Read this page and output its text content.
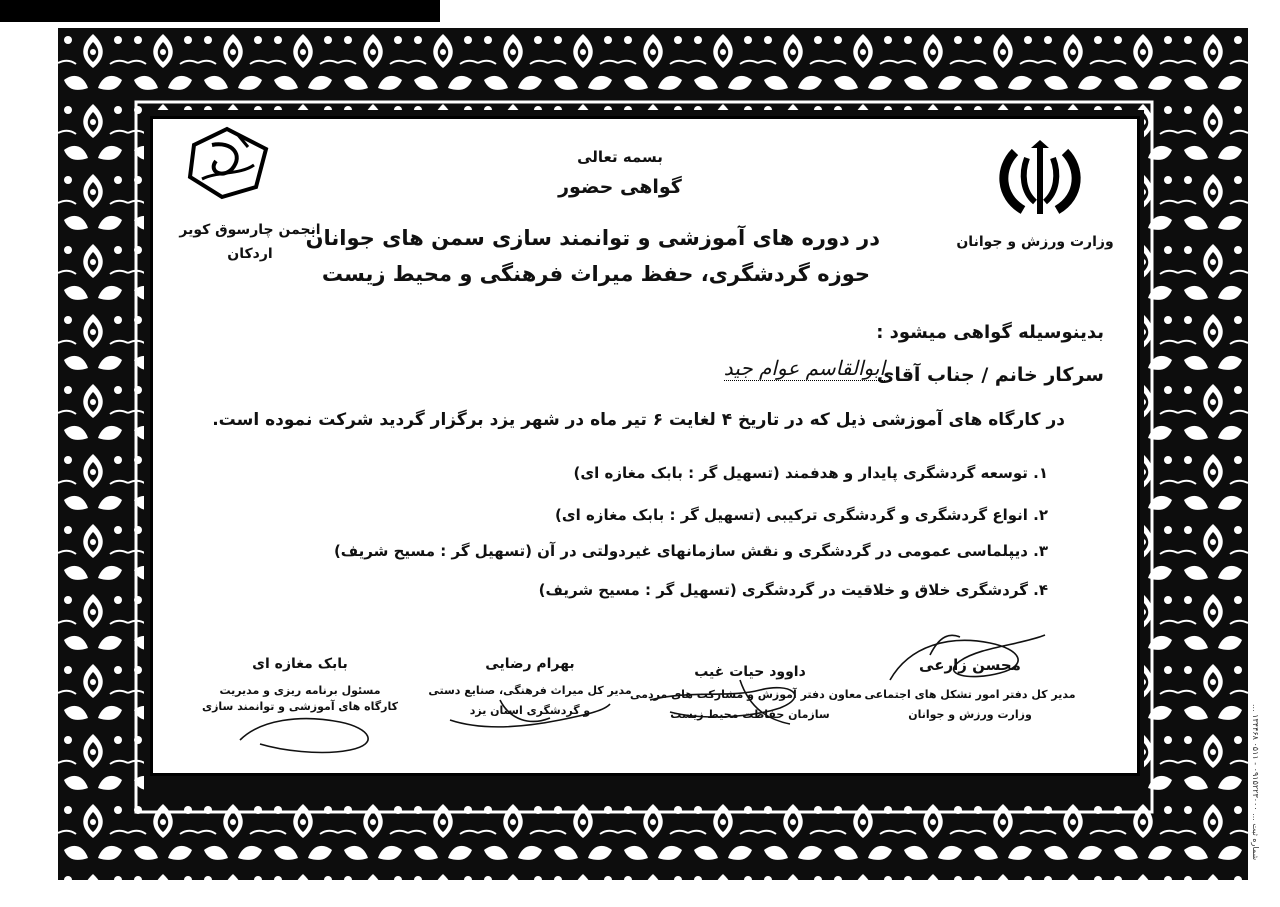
شماره ثبت ... ۰۹۱۵۲۲۳۰۰۰ - ۰۵۱۱ ۱۳۴۴۶۸ ...
بسمه تعالی
گواهی حضور
در دوره های آموزشی و توانمند سازی سمن های جوانان
حوزه گردشگری، حفظ میراث فرهنگی و محیط زیست
وزارت ورزش و جوانان
انجمن چارسوق کویر
اردکان
بدینوسیله گواهی میشود :
سرکار خانم / جناب آقای
ابوالقاسم عوام جید
در کارگاه های آموزشی ذیل که در تاریخ ۴ لغایت ۶ تیر ماه در شهر یزد برگزار گردید شرکت نموده است.
۱. توسعه گردشگری پایدار و هدفمند (تسهیل گر : بابک مغازه ای)
۲. انواع گردشگری و گردشگری ترکیبی (تسهیل گر : بابک مغازه ای)
۳. دیپلماسی عمومی در گردشگری و نقش سازمانهای غیردولتی در آن (تسهیل گر : مسیح شریف)
۴. گردشگری خلاق و خلاقیت در گردشگری (تسهیل گر : مسیح شریف)
محسن زارعی
مدیر کل دفتر امور تشکل های اجتماعی
وزارت ورزش و جوانان
داوود حیات غیب
معاون دفتر آموزش و مشارکت های مردمی
سازمان حفاظت محیط زیست
بهرام رضایی
مدیر کل میراث فرهنگی، صنایع دستی
و گردشگری استان یزد
بابک مغازه ای
مسئول برنامه ریزی و مدیریت
کارگاه های آموزشی و توانمند سازی
